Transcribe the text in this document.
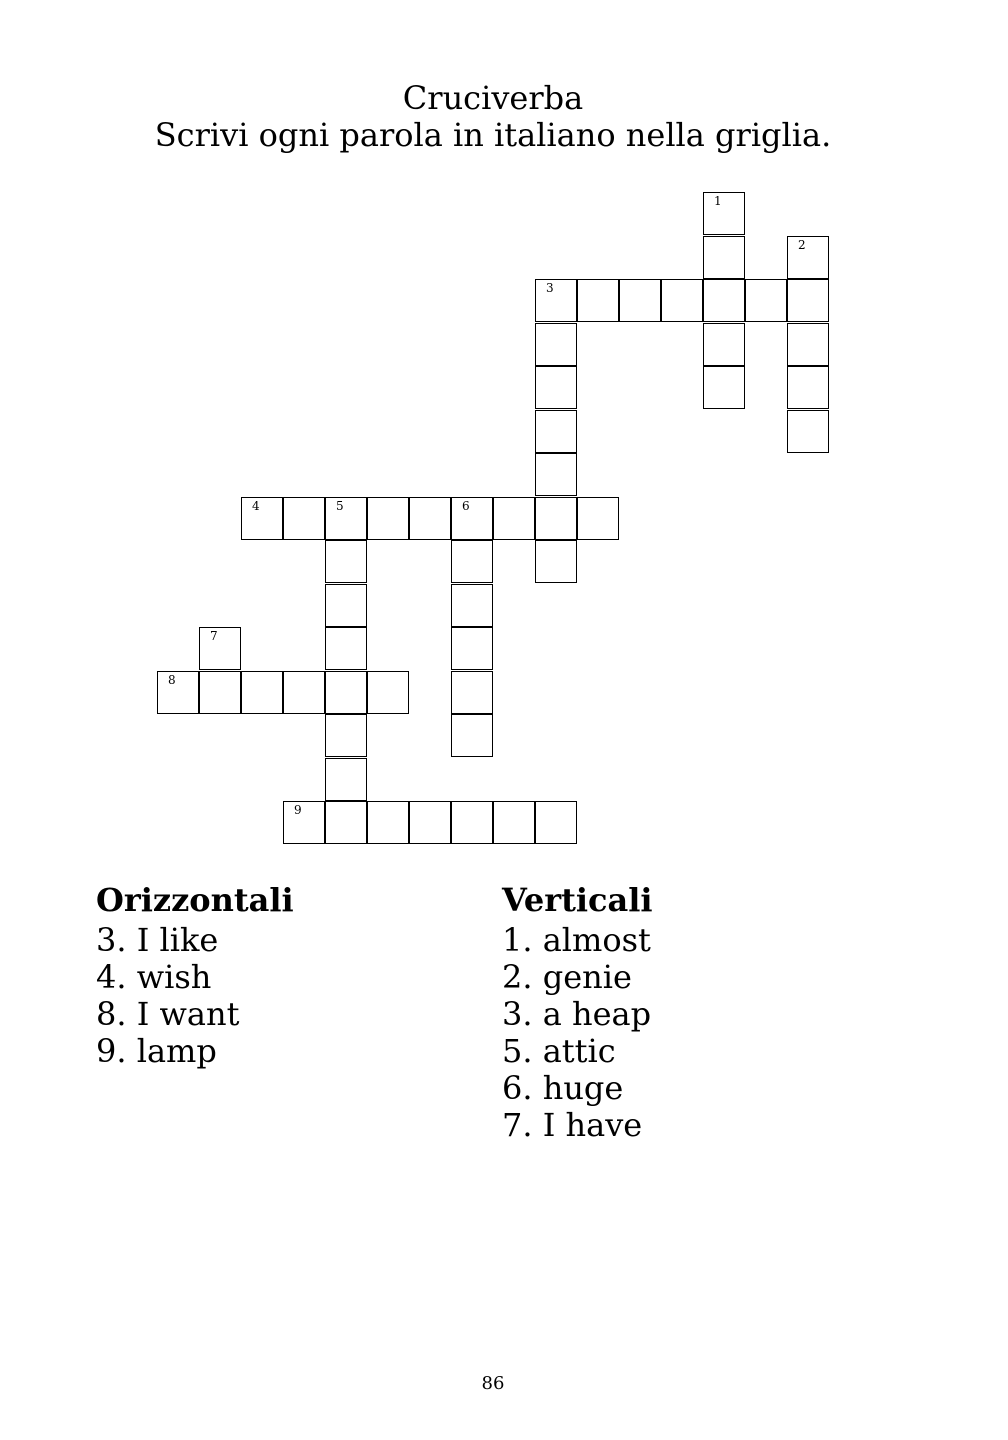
Cruciverba

Scrivi ogni parola in italiano nella griglia.

1
2
3
4	5	6
7
8
9
Orizzontali
3. I like
4. wish
8. I want
9. lamp
Verticali
1. almost
2. genie
3. a heap
5. attic
6. huge
7. I have
86
